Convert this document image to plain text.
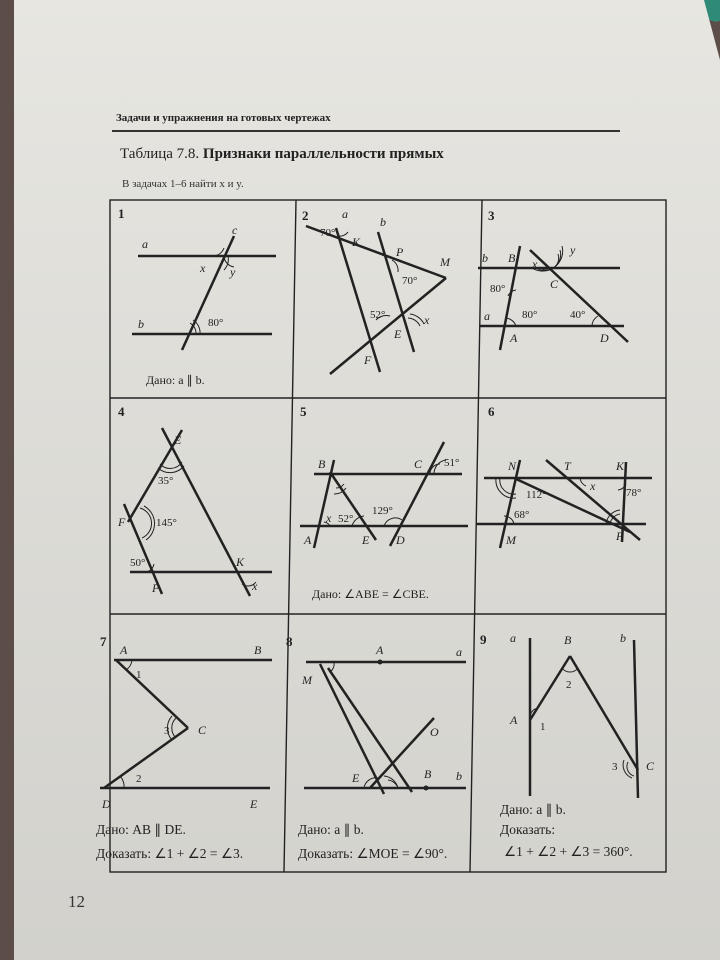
Задачи и упражнения на готовых чертежах
Таблица 7.8. Признаки параллельности прямых
В задачах 1–6 найти x и y.
1
a
c
x y
b	80°
Дано: a ∥ b.
2	a
b
70°
K
P
M
70°
52°	x
E
F
3
b B x
y
C
80°
a	80°	40°
A	D
4
E
35°
F	145°
50°	K
P	x
5
B	C 51°
x 52°
129°
A	E D
Дано: ∠ABE = ∠CBE.
6
N	T	K
x	78°
112°
68°
M	P
7
A	B
1
3 C
2
D	E
Дано: AB ∥ DE.
Доказать: ∠1 + ∠2 = ∠3.
8
A	a
M
O
E	B b
Дано: a ∥ b.
Доказать: ∠MOE = ∠90°.
9 a	B	b
2
A 1
3 C
Дано: a ∥ b.
Доказать:
∠1 + ∠2 + ∠3 = 360°.
12
